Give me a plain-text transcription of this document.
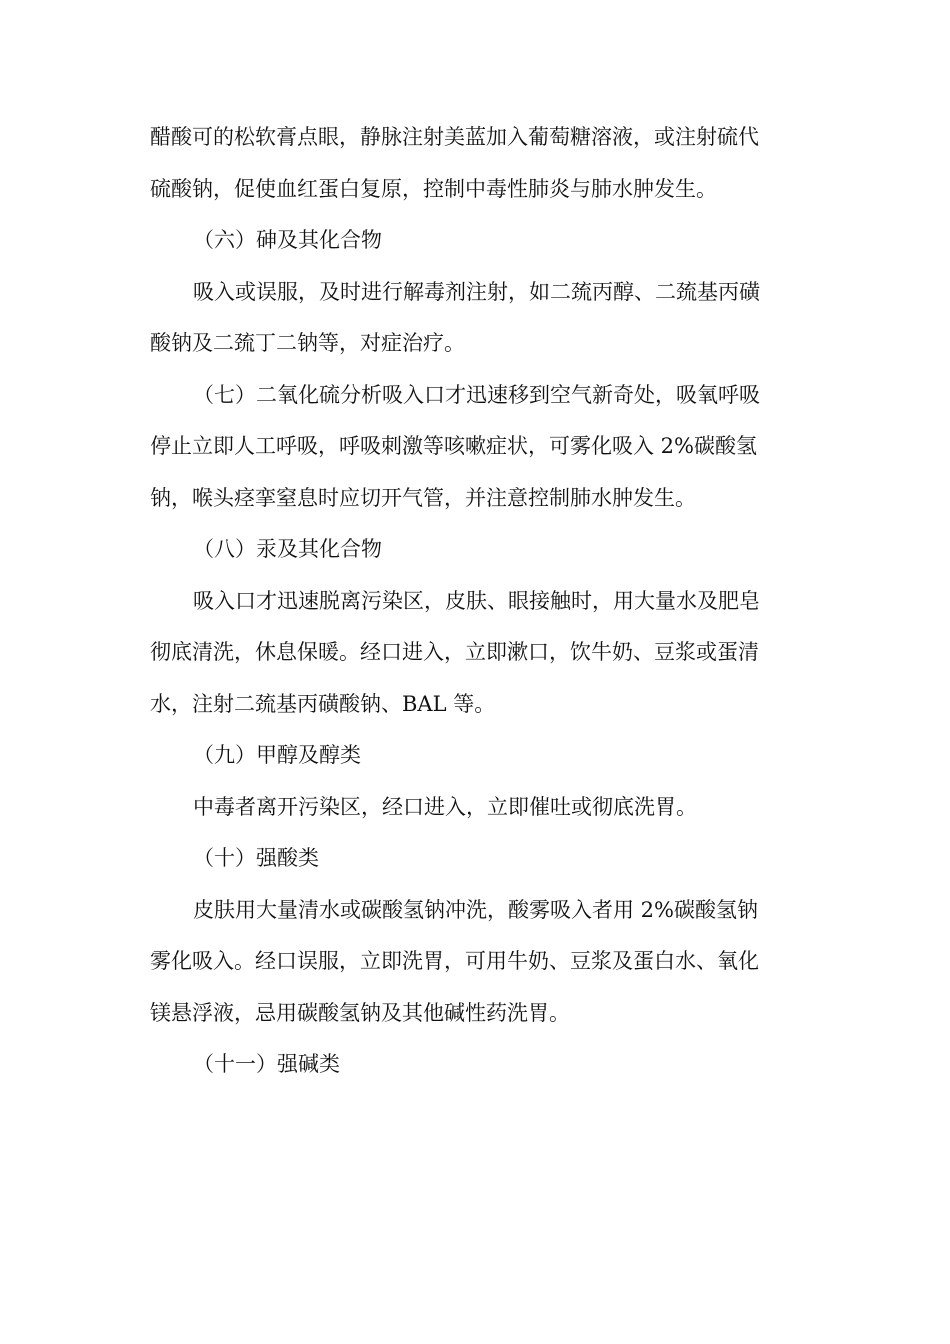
醋酸可的松软膏点眼，静脉注射美蓝加入葡萄糖溶液，或注射硫代
硫酸钠，促使血红蛋白复原，控制中毒性肺炎与肺水肿发生。
（六）砷及其化合物
吸入或误服，及时进行解毒剂注射，如二巯丙醇、二巯基丙磺
酸钠及二巯丁二钠等，对症治疗。
（七）二氧化硫分析吸入口才迅速移到空气新奇处，吸氧呼吸
停止立即人工呼吸，呼吸刺激等咳嗽症状，可雾化吸入 2%碳酸氢
钠，喉头痉挛窒息时应切开气管，并注意控制肺水肿发生。
（八）汞及其化合物
吸入口才迅速脱离污染区，皮肤、眼接触时，用大量水及肥皂
彻底清洗，休息保暖。经口进入，立即漱口，饮牛奶、豆浆或蛋清
水，注射二巯基丙磺酸钠、BAL 等。
（九）甲醇及醇类
中毒者离开污染区，经口进入，立即催吐或彻底洗胃。
（十）强酸类
皮肤用大量清水或碳酸氢钠冲洗，酸雾吸入者用 2%碳酸氢钠
雾化吸入。经口误服，立即洗胃，可用牛奶、豆浆及蛋白水、氧化
镁悬浮液，忌用碳酸氢钠及其他碱性药洗胃。
（十一）强碱类
